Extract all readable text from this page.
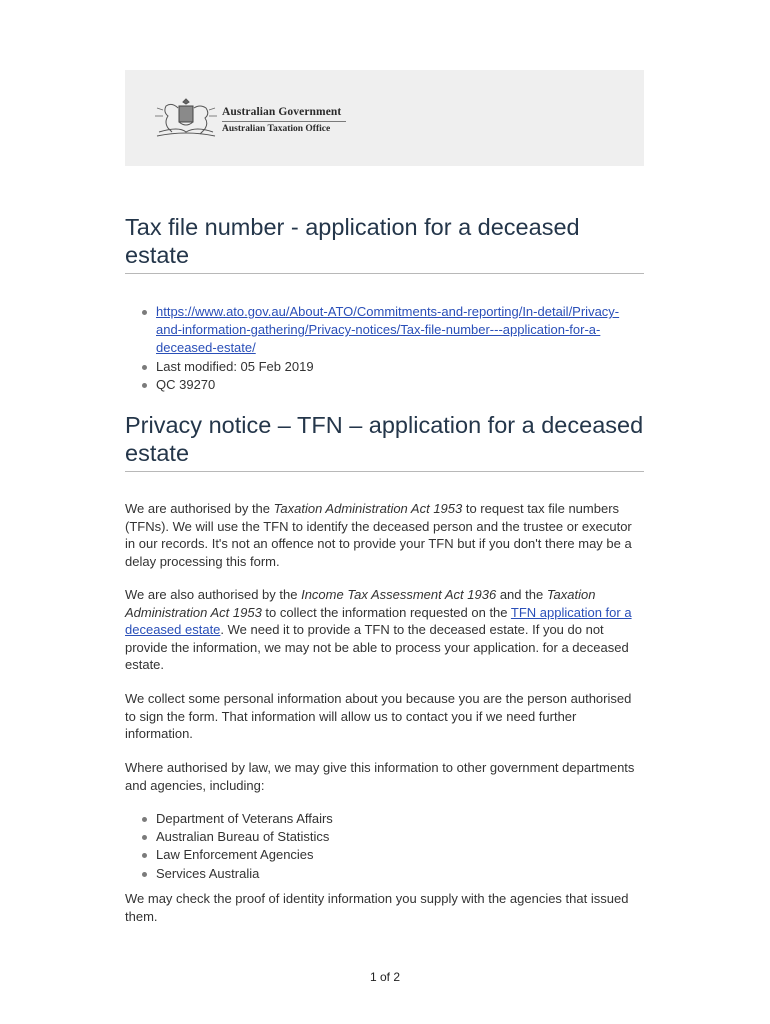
Australian Government
Australian Taxation Office
Tax file number - application for a deceased estate
https://www.ato.gov.au/About-ATO/Commitments-and-reporting/In-detail/Privacy-and-information-gathering/Privacy-notices/Tax-file-number---application-for-a-deceased-estate/
Last modified: 05 Feb 2019
QC 39270
Privacy notice – TFN – application for a deceased estate

We are authorised by the Taxation Administration Act 1953 to request tax file numbers (TFNs). We will use the TFN to identify the deceased person and the trustee or executor in our records. It's not an offence not to provide your TFN but if you don't there may be a delay processing this form.

We are also authorised by the Income Tax Assessment Act 1936 and the Taxation Administration Act 1953 to collect the information requested on the TFN application for a deceased estate. We need it to provide a TFN to the deceased estate. If you do not provide the information, we may not be able to process your application. for a deceased estate.

We collect some personal information about you because you are the person authorised to sign the form. That information will allow us to contact you if we need further information.

Where authorised by law, we may give this information to other government departments and agencies, including:

Department of Veterans Affairs
Australian Bureau of Statistics
Law Enforcement Agencies
Services Australia

We may check the proof of identity information you supply with the agencies that issued them.

1 of 2
